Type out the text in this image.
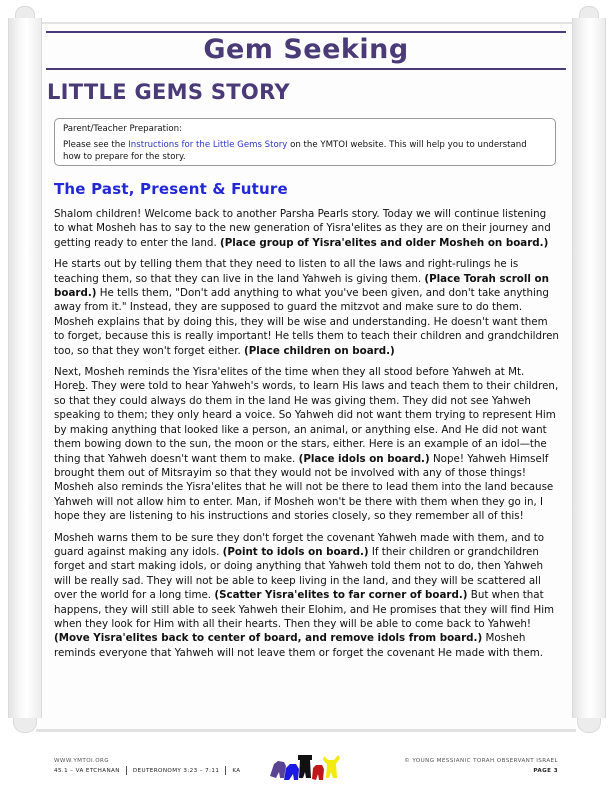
Gem Seeking
LITTLE GEMS STORY

Parent/Teacher Preparation:

Please see the Instructions for the Little Gems Story on the YMTOI website. This will help you to understand how to prepare for the story.

The Past, Present & Future

Shalom children! Welcome back to another Parsha Pearls story. Today we will continue listening to what Mosheh has to say to the new generation of Yisra'elites as they are on their journey and getting ready to enter the land. (Place group of Yisra'elites and older Mosheh on board.)

He starts out by telling them that they need to listen to all the laws and right-rulings he is teaching them, so that they can live in the land Yahweh is giving them. (Place Torah scroll on board.) He tells them, "Don't add anything to what you've been given, and don't take anything away from it." Instead, they are supposed to guard the mitzvot and make sure to do them. Mosheh explains that by doing this, they will be wise and understanding. He doesn't want them to forget, because this is really important! He tells them to teach their children and grandchildren too, so that they won't forget either. (Place children on board.)

Next, Mosheh reminds the Yisra'elites of the time when they all stood before Yahweh at Mt. Horeb. They were told to hear Yahweh's words, to learn His laws and teach them to their children, so that they could always do them in the land He was giving them. They did not see Yahweh speaking to them; they only heard a voice. So Yahweh did not want them trying to represent Him by making anything that looked like a person, an animal, or anything else. And He did not want them bowing down to the sun, the moon or the stars, either. Here is an example of an idol—the thing that Yahweh doesn't want them to make. (Place idols on board.) Nope! Yahweh Himself brought them out of Mitsrayim so that they would not be involved with any of those things! Mosheh also reminds the Yisra'elites that he will not be there to lead them into the land because Yahweh will not allow him to enter. Man, if Mosheh won't be there with them when they go in, I hope they are listening to his instructions and stories closely, so they remember all of this!

Mosheh warns them to be sure they don't forget the covenant Yahweh made with them, and to guard against making any idols. (Point to idols on board.) If their children or grandchildren forget and start making idols, or doing anything that Yahweh told them not to do, then Yahweh will be really sad. They will not be able to keep living in the land, and they will be scattered all over the world for a long time. (Scatter Yisra'elites to far corner of board.) But when that happens, they will still able to seek Yahweh their Elohim, and He promises that they will find Him when they look for Him with all their hearts. Then they will be able to come back to Yahweh! (Move Yisra'elites back to center of board, and remove idols from board.) Mosheh reminds everyone that Yahweh will not leave them or forget the covenant He made with them.

WWW.YMTOI.ORG
45.1 – VA ETCHANAN DEUTERONOMY 3:23 – 7:11 KA
© YOUNG MESSIANIC TORAH OBSERVANT ISRAEL
PAGE 3
